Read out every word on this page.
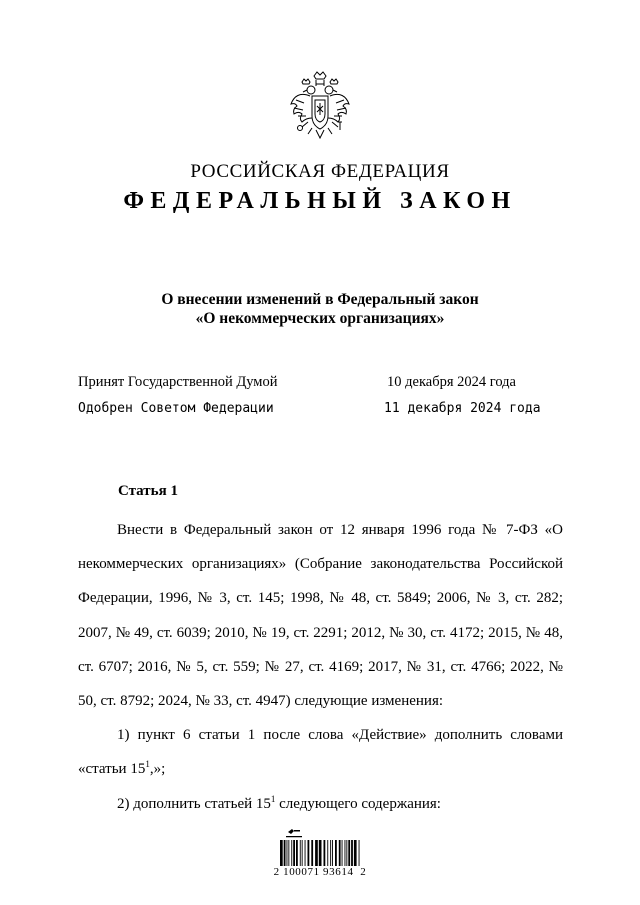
РОССИЙСКАЯ ФЕДЕРАЦИЯ
ФЕДЕРАЛЬНЫЙ ЗАКОН
О внесении изменений в Федеральный закон
«О некоммерческих организациях»
Принят Государственной Думой	10 декабря 2024 года
Одобрен Советом Федерации	11 декабря 2024 года
Статья 1

Внести в Федеральный закон от 12 января 1996 года № 7-ФЗ «О некоммерческих организациях» (Собрание законодательства Российской Федерации, 1996, № 3, ст. 145; 1998, № 48, ст. 5849; 2006, № 3, ст. 282; 2007, № 49, ст. 6039; 2010, № 19, ст. 2291; 2012, № 30, ст. 4172; 2015, № 48, ст. 6707; 2016, № 5, ст. 559; № 27, ст. 4169; 2017, № 31, ст. 4766; 2022, № 50, ст. 8792; 2024, № 33, ст. 4947) следующие изменения:

1) пункт 6 статьи 1 после слова «Действие» дополнить словами «статьи $15^1$,»;

2) дополнить статьей $15^1$ следующего содержания:

2 100071 93614  2
